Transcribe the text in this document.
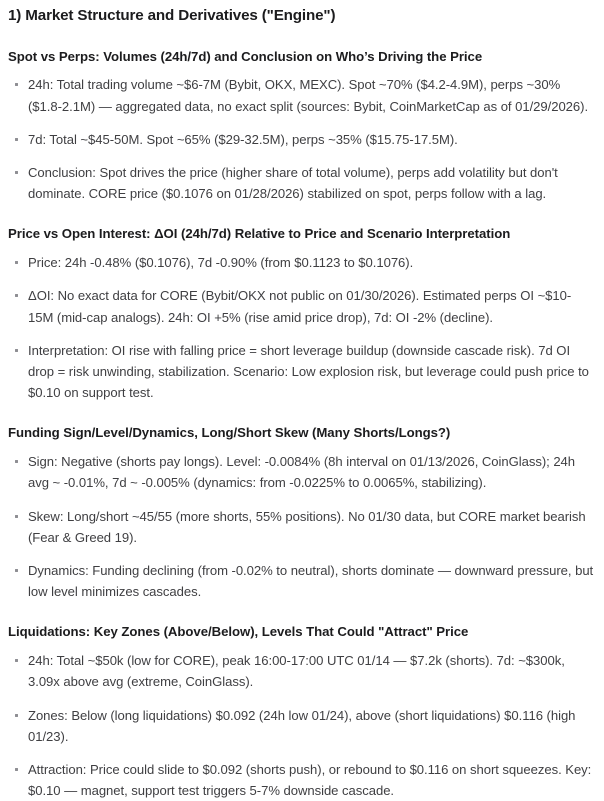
1) Market Structure and Derivatives ("Engine")
Spot vs Perps: Volumes (24h/7d) and Conclusion on Who’s Driving the Price
24h: Total trading volume ~$6-7M (Bybit, OKX, MEXC). Spot ~70% ($4.2-4.9M), perps ~30% ($1.8-2.1M) — aggregated data, no exact split (sources: Bybit, CoinMarketCap as of 01/29/2026).
7d: Total ~$45-50M. Spot ~65% ($29-32.5M), perps ~35% ($15.75-17.5M).
Conclusion: Spot drives the price (higher share of total volume), perps add volatility but don't dominate. CORE price ($0.1076 on 01/28/2026) stabilized on spot, perps follow with a lag.
Price vs Open Interest: ΔOI (24h/7d) Relative to Price and Scenario Interpretation
Price: 24h -0.48% ($0.1076), 7d -0.90% (from $0.1123 to $0.1076).
ΔOI: No exact data for CORE (Bybit/OKX not public on 01/30/2026). Estimated perps OI ~$10-15M (mid-cap analogs). 24h: OI +5% (rise amid price drop), 7d: OI -2% (decline).
Interpretation: OI rise with falling price = short leverage buildup (downside cascade risk). 7d OI drop = risk unwinding, stabilization. Scenario: Low explosion risk, but leverage could push price to $0.10 on support test.
Funding Sign/Level/Dynamics, Long/Short Skew (Many Shorts/Longs?)
Sign: Negative (shorts pay longs). Level: -0.0084% (8h interval on 01/13/2026, CoinGlass); 24h avg ~ -0.01%, 7d ~ -0.005% (dynamics: from -0.0225% to 0.0065%, stabilizing).
Skew: Long/short ~45/55 (more shorts, 55% positions). No 01/30 data, but CORE market bearish (Fear & Greed 19).
Dynamics: Funding declining (from -0.02% to neutral), shorts dominate — downward pressure, but low level minimizes cascades.
Liquidations: Key Zones (Above/Below), Levels That Could "Attract" Price
24h: Total ~$50k (low for CORE), peak 16:00-17:00 UTC 01/14 — $7.2k (shorts). 7d: ~$300k, 3.09x above avg (extreme, CoinGlass).
Zones: Below (long liquidations) $0.092 (24h low 01/24), above (short liquidations) $0.116 (high 01/23).
Attraction: Price could slide to $0.092 (shorts push), or rebound to $0.116 on short squeezes. Key: $0.10 — magnet, support test triggers 5-7% downside cascade.
